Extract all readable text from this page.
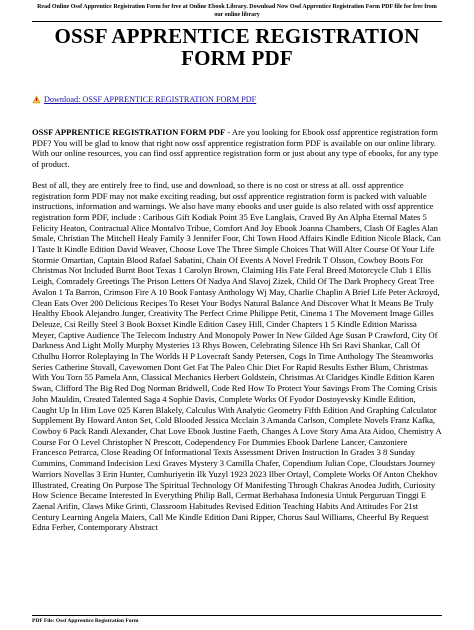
Read Online Ossf Apprentice Registration Form for free at Online Ebook Library. Download Now Ossf Apprentice Registration Form PDF file for free from our online library
OSSF APPRENTICE REGISTRATION FORM PDF
Download: OSSF APPRENTICE REGISTRATION FORM PDF

OSSF APPRENTICE REGISTRATION FORM PDF - Are you looking for Ebook ossf apprentice registration form PDF? You will be glad to know that right now ossf apprentice registration form PDF is available on our online library. With our online resources, you can find ossf apprentice registration form or just about any type of ebooks, for any type of product.

Best of all, they are entirely free to find, use and download, so there is no cost or stress at all. ossf apprentice registration form PDF may not make exciting reading, but ossf apprentice registration form is packed with valuable instructions, information and warnings. We also have many ebooks and user guide is also related with ossf apprentice registration form PDF, include : Caribous Gift Kodiak Point 35 Eve Langlais, Craved By An Alpha Eternal Mates 5 Felicity Heaton, Contractual Alice Montalvo Tribue, Comfort And Joy Ebook Joanna Chambers, Clash Of Eagles Alan Smale, Christian The Mitchell Healy Family 3 Jennifer Foor, Chi Town Hood Affairs Kindle Edition Nicole Black, Can I Taste It Kindle Edition David Weaver, Choose Love The Three Simple Choices That Will Alter Course Of Your Life Stormie Omartian, Captain Blood Rafael Sabatini, Chain Of Events A Novel Fredrik T Olsson, Cowboy Boots For Christmas Not Included Burnt Boot Texas 1 Carolyn Brown, Claiming His Fate Feral Breed Motorcycle Club 1 Ellis Leigh, Comradely Greetings The Prison Letters Of Nadya And Slavoj Zizek, Child Of The Dark Prophecy Great Tree Avalon 1 Ta Barron, Crimson Fire A 10 Book Fantasy Anthology Wj May, Charlie Chaplin A Brief Life Peter Ackroyd, Clean Eats Over 200 Delicious Recipes To Reset Your Bodys Natural Balance And Discover What It Means Be Truly Healthy Ebook Alejandro Junger, Creativity The Perfect Crime Philippe Petit, Cinema 1 The Movement Image Gilles Deleuze, Csi Reilly Steel 3 Book Boxset Kindle Edition Casey Hill, Cinder Chapters 1 5 Kindle Edition Marissa Meyer, Captive Audience The Telecom Industry And Monopoly Power In New Gilded Age Susan P Crawford, City Of Darkness And Light Molly Murphy Mysteries 13 Rhys Bowen, Celebrating Silence Hh Sri Ravi Shankar, Call Of Cthulhu Horror Roleplaying In The Worlds H P Lovecraft Sandy Petersen, Cogs In Time Anthology The Steamworks Series Catherine Stovall, Cavewomen Dont Get Fat The Paleo Chic Diet For Rapid Results Esther Blum, Christmas With You Torn 55 Pamela Ann, Classical Mechanics Herbert Goldstein, Christmas At Claridges Kindle Edition Karen Swan, Clifford The Big Red Dog Norman Bridwell, Code Red How To Protect Your Savings From The Coming Crisis John Mauldin, Created Talented Saga 4 Sophie Davis, Complete Works Of Fyodor Dostoyevsky Kindle Edition, Caught Up In Him Love 025 Karen Blakely, Calculus With Analytic Geometry Fifth Edition And Graphing Calculator Supplement By Howard Anton Set, Cold Blooded Jessica Mcclain 3 Amanda Carlson, Complete Novels Franz Kafka, Cowboy 6 Pack Randi Alexander, Chat Love Ebook Justine Faeth, Changes A Love Story Ama Ata Aidoo, Chemistry A Course For O Level Christopher N Prescott, Codependency For Dummies Ebook Darlene Lancer, Canzoniere Francesco Petrarca, Close Reading Of Informational Texts Assessment Driven Instruction In Grades 3 8 Sunday Cummins, Command Indecision Lexi Graves Mystery 3 Camilla Chafer, Copendium Julian Cope, Cloudstars Journey Warriors Novellas 3 Erin Hunter, Cumhuriyetin Ilk Yuzyl 1923 2023 Ilber Ortayl, Complete Works Of Anton Chekhov Illustrated, Creating On Purpose The Spiritual Technology Of Manifesting Through Chakras Anodea Judith, Curiosity How Science Became Interested In Everything Philip Ball, Cermat Berbahasa Indonesia Untuk Perguruan Tinggi E Zaenal Arifin, Claws Mike Grinti, Classroom Habitudes Revised Edition Teaching Habits And Attitudes For 21st Century Learning Angela Maiers, Call Me Kindle Edition Dani Ripper, Chorus Saul Williams, Cheerful By Request Edna Ferber, Contemporary Abstract

PDF File: Ossf Apprentice Registration Form
